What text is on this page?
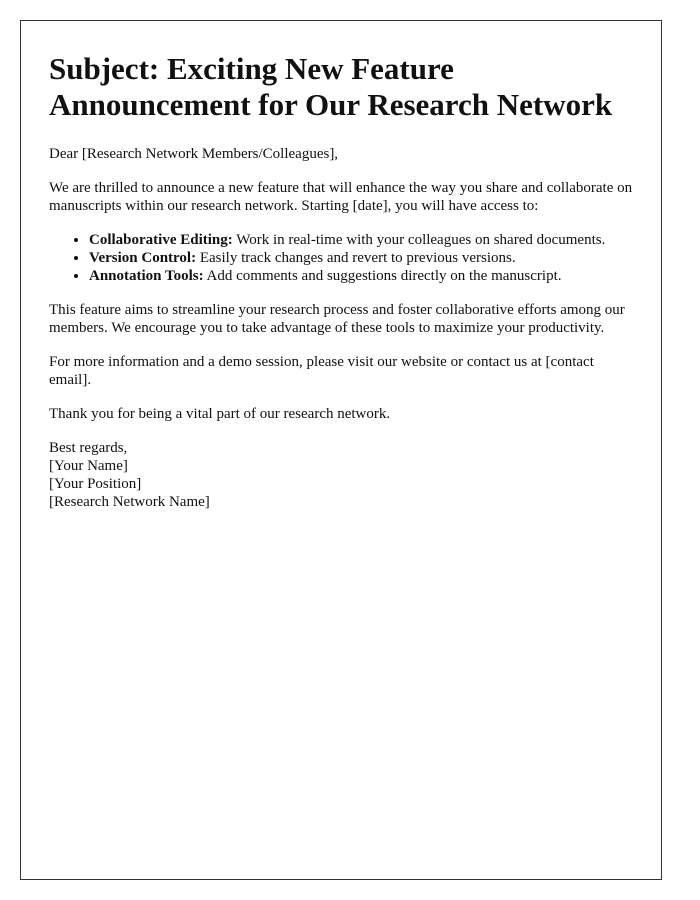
Subject: Exciting New Feature Announcement for Our Research Network

Dear [Research Network Members/Colleagues],

We are thrilled to announce a new feature that will enhance the way you share and collaborate on manuscripts within our research network. Starting [date], you will have access to:

• Collaborative Editing: Work in real-time with your colleagues on shared documents.
• Version Control: Easily track changes and revert to previous versions.
• Annotation Tools: Add comments and suggestions directly on the manuscript.

This feature aims to streamline your research process and foster collaborative efforts among our members. We encourage you to take advantage of these tools to maximize your productivity.

For more information and a demo session, please visit our website or contact us at [contact email].

Thank you for being a vital part of our research network.

Best regards,
[Your Name]
[Your Position]
[Research Network Name]
